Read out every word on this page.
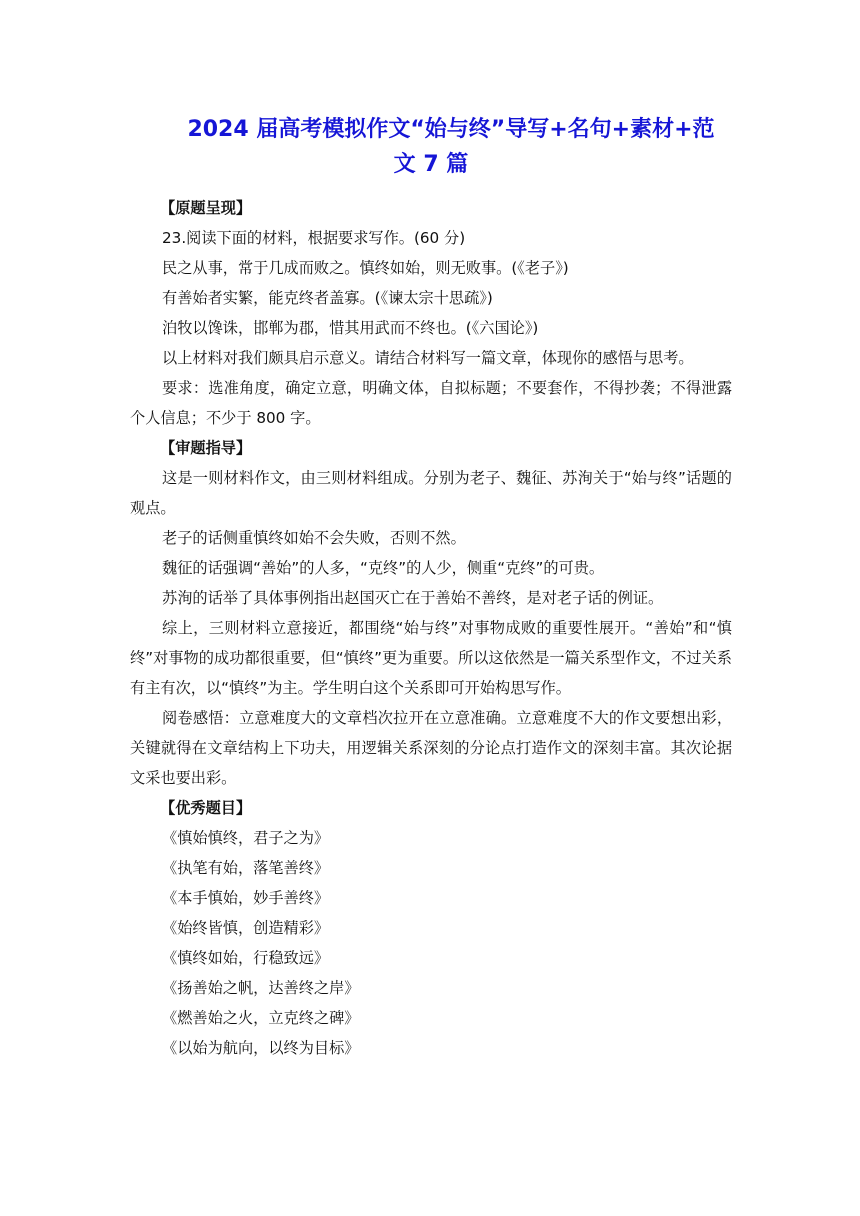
2024 届高考模拟作文“始与终”导写+名句+素材+范
文 7 篇
【原题呈现】
23.阅读下面的材料，根据要求写作。(60 分)
民之从事，常于几成而败之。慎终如始，则无败事。(《老子》)
有善始者实繁，能克终者盖寡。(《谏太宗十思疏》)
泊牧以馋诛，邯郸为郡，惜其用武而不终也。(《六国论》)
以上材料对我们颇具启示意义。请结合材料写一篇文章，体现你的感悟与思考。
要求：选准角度，确定立意，明确文体，自拟标题；不要套作，不得抄袭；不得泄露个人信息；不少于 800 字。
【审题指导】
这是一则材料作文，由三则材料组成。分别为老子、魏征、苏洵关于“始与终”话题的观点。
老子的话侧重慎终如始不会失败，否则不然。
魏征的话强调“善始”的人多，“克终”的人少，侧重“克终”的可贵。
苏洵的话举了具体事例指出赵国灭亡在于善始不善终，是对老子话的例证。
综上，三则材料立意接近，都围绕“始与终”对事物成败的重要性展开。“善始”和“慎终”对事物的成功都很重要，但“慎终”更为重要。所以这依然是一篇关系型作文，不过关系有主有次，以“慎终”为主。学生明白这个关系即可开始构思写作。
阅卷感悟：立意难度大的文章档次拉开在立意准确。立意难度不大的作文要想出彩，关键就得在文章结构上下功夫，用逻辑关系深刻的分论点打造作文的深刻丰富。其次论据文采也要出彩。
【优秀题目】
《慎始慎终，君子之为》
《执笔有始，落笔善终》
《本手慎始，妙手善终》
《始终皆慎，创造精彩》
《慎终如始，行稳致远》
《扬善始之帆，达善终之岸》
《燃善始之火，立克终之碑》
《以始为航向，以终为目标》
